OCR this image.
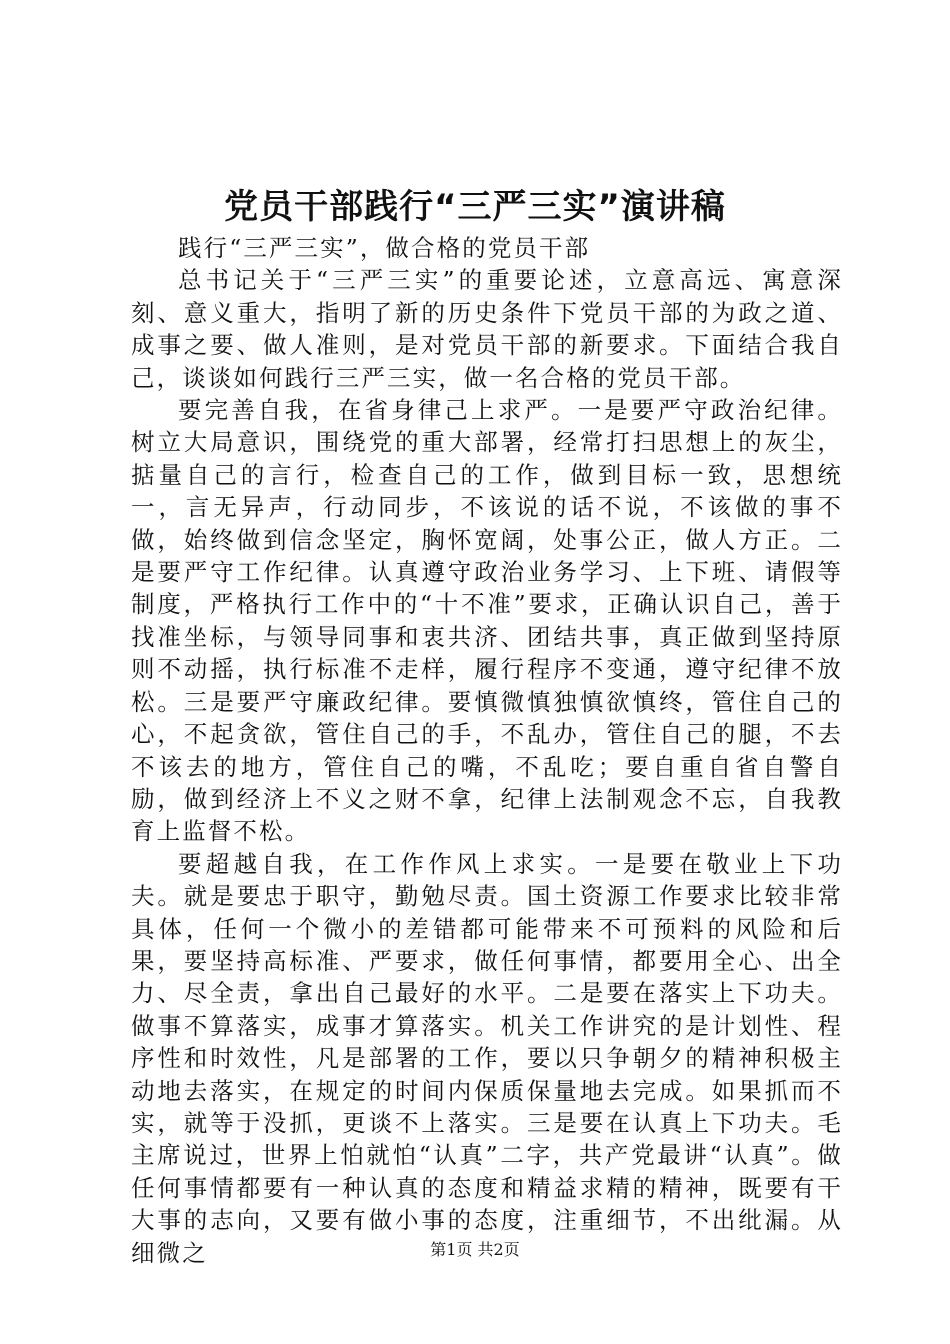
党员干部践行“三严三实”演讲稿

践行“三严三实”，做合格的党员干部

总书记关于“三严三实”的重要论述，立意高远、寓意深刻、意义重大，指明了新的历史条件下党员干部的为政之道、成事之要、做人准则，是对党员干部的新要求。下面结合我自己，谈谈如何践行三严三实，做一名合格的党员干部。

要完善自我，在省身律己上求严。一是要严守政治纪律。树立大局意识，围绕党的重大部署，经常打扫思想上的灰尘，掂量自己的言行，检查自己的工作，做到目标一致，思想统一，言无异声，行动同步，不该说的话不说，不该做的事不做，始终做到信念坚定，胸怀宽阔，处事公正，做人方正。二是要严守工作纪律。认真遵守政治业务学习、上下班、请假等制度，严格执行工作中的“十不准”要求，正确认识自己，善于找准坐标，与领导同事和衷共济、团结共事，真正做到坚持原则不动摇，执行标准不走样，履行程序不变通，遵守纪律不放松。三是要严守廉政纪律。要慎微慎独慎欲慎终，管住自己的心，不起贪欲，管住自己的手，不乱办，管住自己的腿，不去不该去的地方，管住自己的嘴，不乱吃；要自重自省自警自励，做到经济上不义之财不拿，纪律上法制观念不忘，自我教育上监督不松。

要超越自我，在工作作风上求实。一是要在敬业上下功夫。就是要忠于职守，勤勉尽责。国土资源工作要求比较非常具体，任何一个微小的差错都可能带来不可预料的风险和后果，要坚持高标准、严要求，做任何事情，都要用全心、出全力、尽全责，拿出自己最好的水平。二是要在落实上下功夫。做事不算落实，成事才算落实。机关工作讲究的是计划性、程序性和时效性，凡是部署的工作，要以只争朝夕的精神积极主动地去落实，在规定的时间内保质保量地去完成。如果抓而不实，就等于没抓，更谈不上落实。三是要在认真上下功夫。毛主席说过，世界上怕就怕“认真”二字，共产党最讲“认真”。做任何事情都要有一种认真的态度和精益求精的精神，既要有干大事的志向，又要有做小事的态度，注重细节，不出纰漏。从细微之	第1页 共2页
